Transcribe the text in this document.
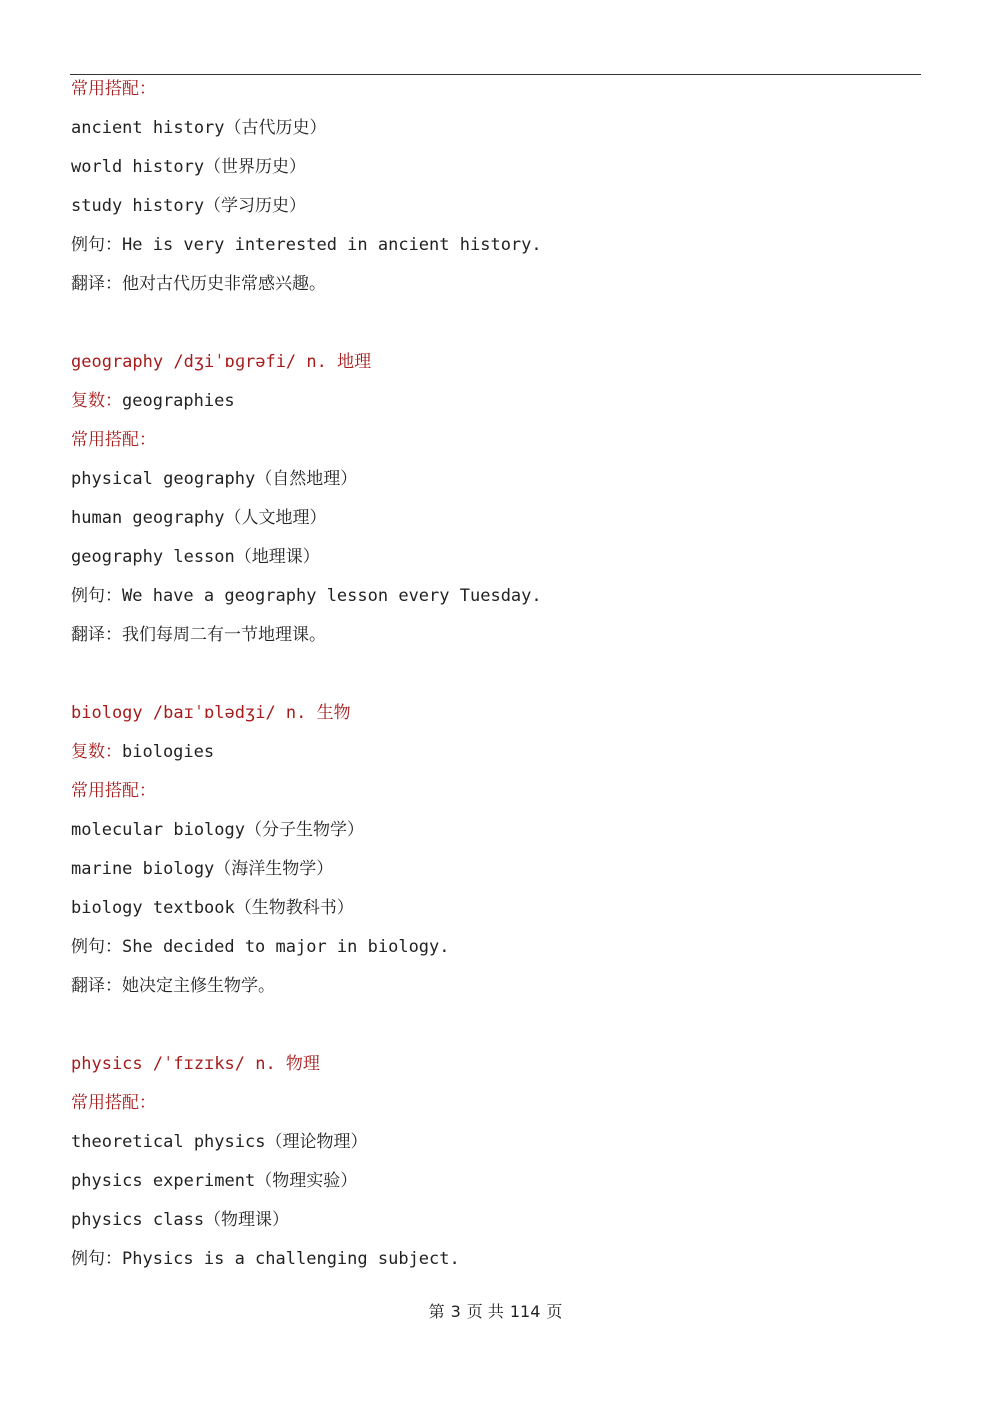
常用搭配：
ancient history（古代历史）
world history（世界历史）
study history（学习历史）
例句：He is very interested in ancient history.
翻译：他对古代历史非常感兴趣。
geography /dʒiˈɒɡrəfi/ n. 地理
复数：geographies
常用搭配：
physical geography（自然地理）
human geography（人文地理）
geography lesson（地理课）
例句：We have a geography lesson every Tuesday.
翻译：我们每周二有一节地理课。
biology /baɪˈɒlədʒi/ n. 生物
复数：biologies
常用搭配：
molecular biology（分子生物学）
marine biology（海洋生物学）
biology textbook（生物教科书）
例句：She decided to major in biology.
翻译：她决定主修生物学。
physics /ˈfɪzɪks/ n. 物理
常用搭配：
theoretical physics（理论物理）
physics experiment（物理实验）
physics class（物理课）
例句：Physics is a challenging subject.
第 3 页 共 114 页
